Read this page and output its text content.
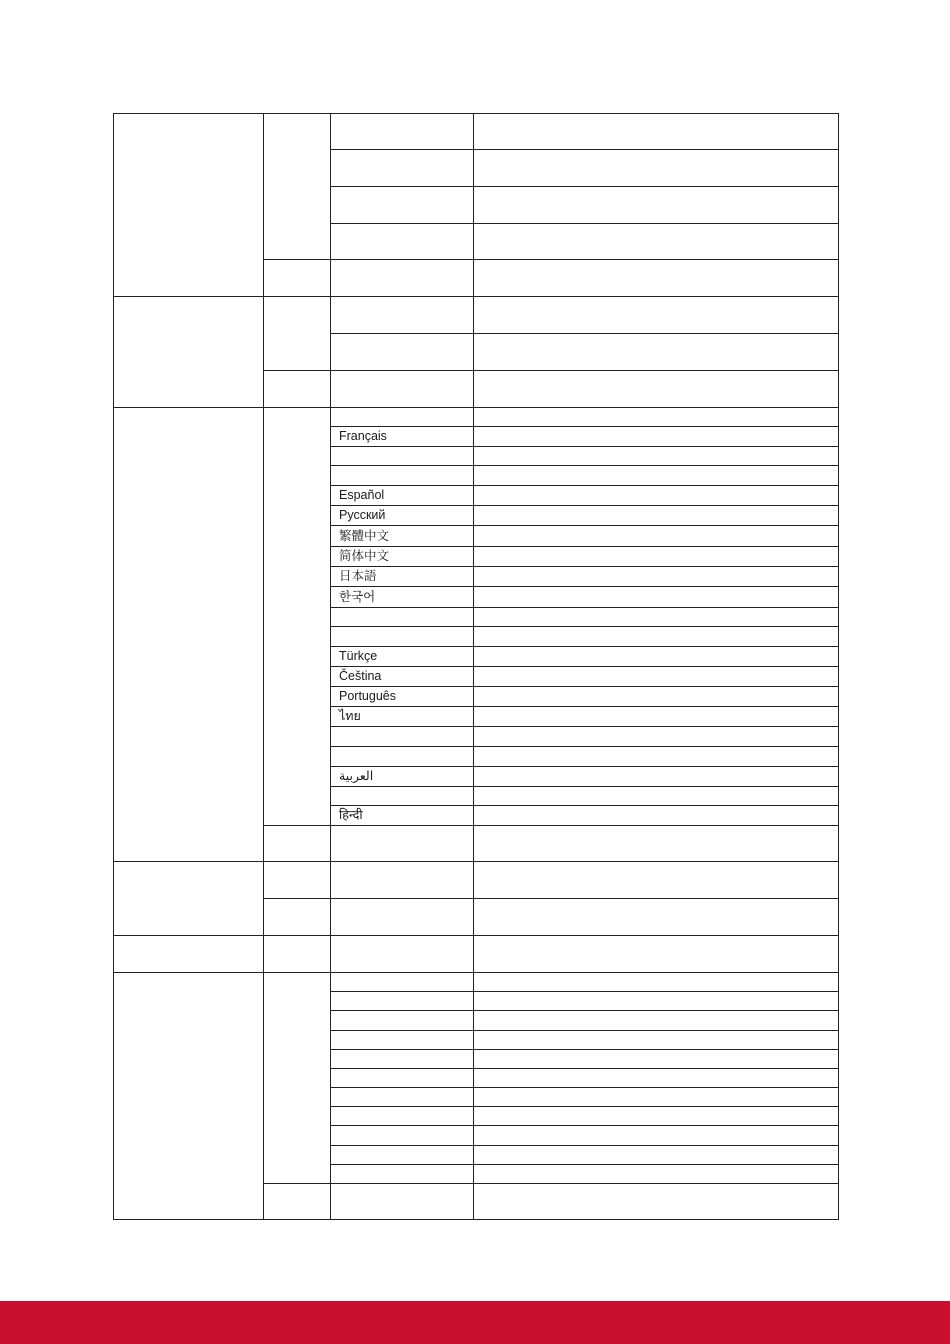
Français
Español
Русский
繁體中文
简体中文
日本語
한국어
Türkçe
Čeština
Português
ไทย
العربية
हिन्दी
